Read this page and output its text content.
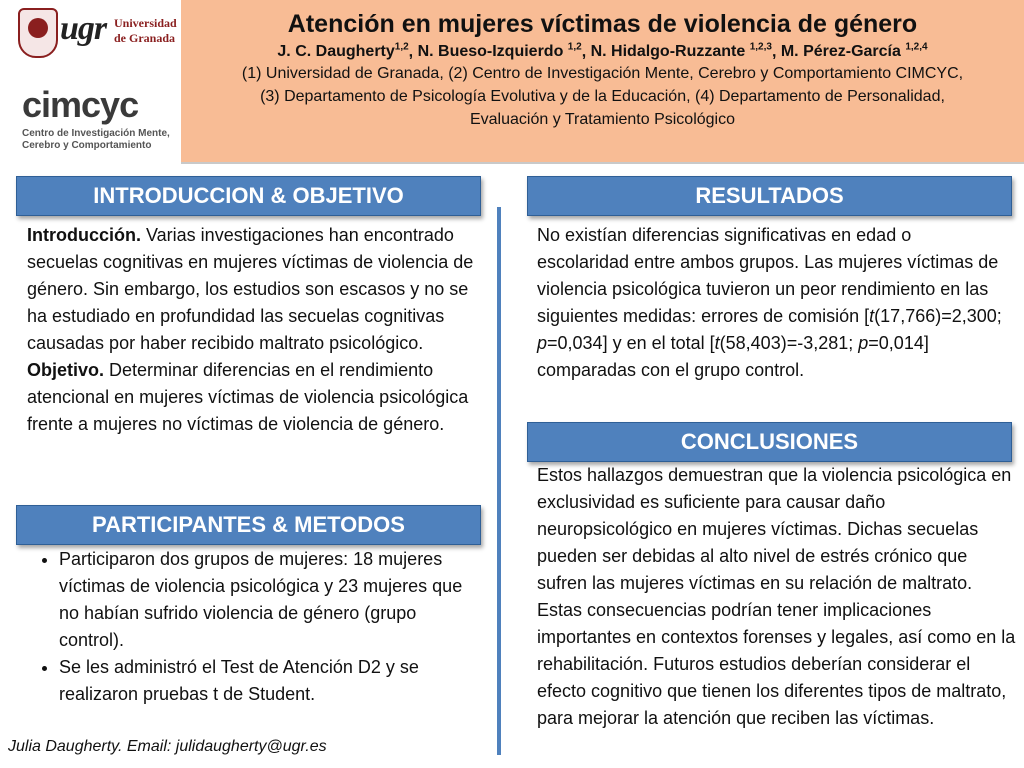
ugr Universidad
de Granada
cimcyc
Centro de Investigación Mente,
Cerebro y Comportamiento
Atención en mujeres víctimas de violencia de género
J. C. Daugherty$^{1,2}$, N. Bueso-Izquierdo $^{1,2}$, N. Hidalgo-Ruzzante $^{1,2,3}$, M. Pérez-García $^{1,2,4}$
(1) Universidad de Granada, (2) Centro de Investigación Mente, Cerebro y Comportamiento CIMCYC,
(3) Departamento de Psicología Evolutiva y de la Educación, (4) Departamento de Personalidad,
Evaluación y Tratamiento Psicológico
INTRODUCCION & OBJETIVO
Introducción. Varias investigaciones han encontrado secuelas cognitivas en mujeres víctimas de violencia de género. Sin embargo, los estudios son escasos y no se ha estudiado en profundidad las secuelas cognitivas causadas por haber recibido maltrato psicológico. Objetivo. Determinar diferencias en el rendimiento atencional en mujeres víctimas de violencia psicológica frente a mujeres no víctimas de violencia de género.
PARTICIPANTES & METODOS
• Participaron dos grupos de mujeres: 18 mujeres víctimas de violencia psicológica y 23 mujeres que no habían sufrido violencia de género (grupo control).
• Se les administró el Test de Atención D2 y se realizaron pruebas t de Student.
RESULTADOS
No existían diferencias significativas en edad o escolaridad entre ambos grupos. Las mujeres víctimas de violencia psicológica tuvieron un peor rendimiento en las siguientes medidas: errores de comisión [t(17,766)=2,300; p=0,034] y en el total [t(58,403)=-3,281; p=0,014] comparadas con el grupo control.
CONCLUSIONES
Estos hallazgos demuestran que la violencia psicológica en exclusividad es suficiente para causar daño neuropsicológico en mujeres víctimas. Dichas secuelas pueden ser debidas al alto nivel de estrés crónico que sufren las mujeres víctimas en su relación de maltrato. Estas consecuencias podrían tener implicaciones importantes en contextos forenses y legales, así como en la rehabilitación. Futuros estudios deberían considerar el efecto cognitivo que tienen los diferentes tipos de maltrato, para mejorar la atención que reciben las víctimas.
Julia Daugherty. Email: julidaugherty@ugr.es
